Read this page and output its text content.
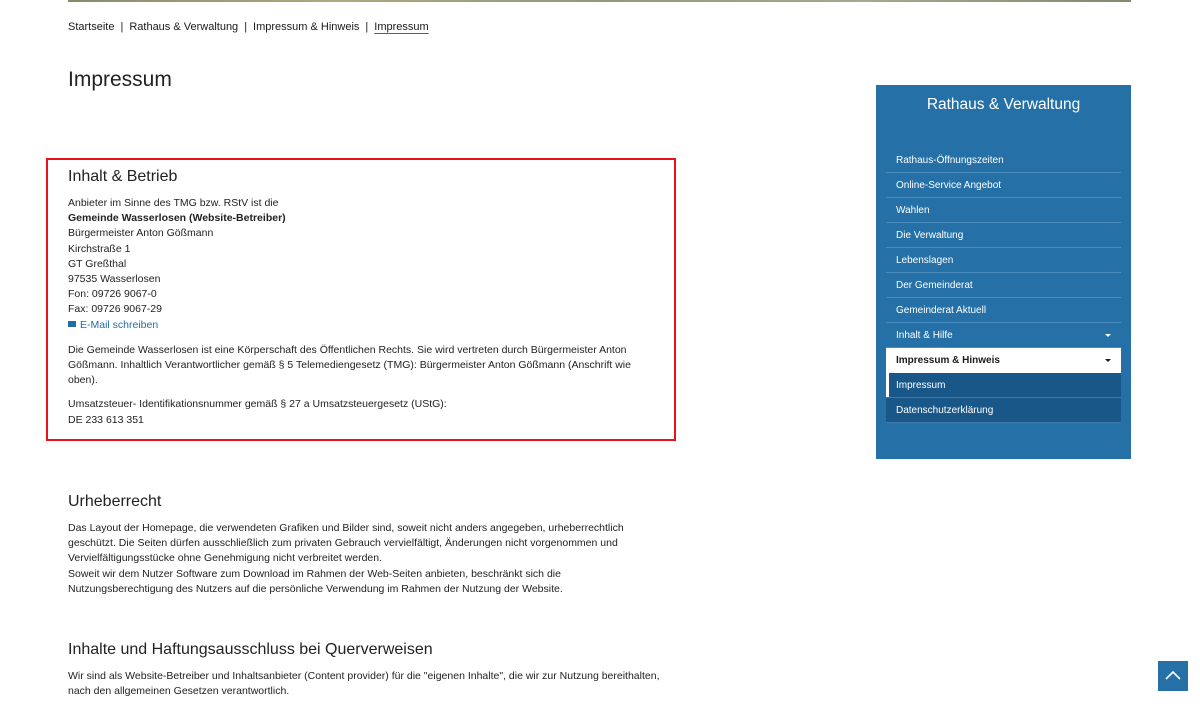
Startseite | Rathaus & Verwaltung | Impressum & Hinweis | Impressum
Impressum
Inhalt & Betrieb

Anbieter im Sinne des TMG bzw. RStV ist die
Gemeinde Wasserlosen (Website-Betreiber)
Bürgermeister Anton Gößmann
Kirchstraße 1
GT Greßthal
97535 Wasserlosen
Fon: 09726 9067-0
Fax: 09726 9067-29
E-Mail schreiben

Die Gemeinde Wasserlosen ist eine Körperschaft des Öffentlichen Rechts. Sie wird vertreten durch Bürgermeister Anton Gößmann. Inhaltlich Verantwortlicher gemäß § 5 Telemediengesetz (TMG): Bürgermeister Anton Gößmann (Anschrift wie oben).

Umsatzsteuer- Identifikationsnummer gemäß § 27 a Umsatzsteuergesetz (UStG):
DE 233 613 351

Urheberrecht

Das Layout der Homepage, die verwendeten Grafiken und Bilder sind, soweit nicht anders angegeben, urheberrechtlich geschützt. Die Seiten dürfen ausschließlich zum privaten Gebrauch vervielfältigt, Änderungen nicht vorgenommen und Vervielfältigungsstücke ohne Genehmigung nicht verbreitet werden.
Soweit wir dem Nutzer Software zum Download im Rahmen der Web-Seiten anbieten, beschränkt sich die Nutzungsberechtigung des Nutzers auf die persönliche Verwendung im Rahmen der Nutzung der Website.

Inhalte und Haftungsausschluss bei Querverweisen

Wir sind als Website-Betreiber und Inhaltsanbieter (Content provider) für die "eigenen Inhalte", die wir zur Nutzung bereithalten, nach den allgemeinen Gesetzen verantwortlich.

Rathaus & Verwaltung
Rathaus-Öffnungszeiten
Online-Service Angebot
Wahlen
Die Verwaltung
Lebenslagen
Der Gemeinderat
Gemeinderat Aktuell
Inhalt & Hilfe
Impressum & Hinweis
Impressum
Datenschutzerklärung
